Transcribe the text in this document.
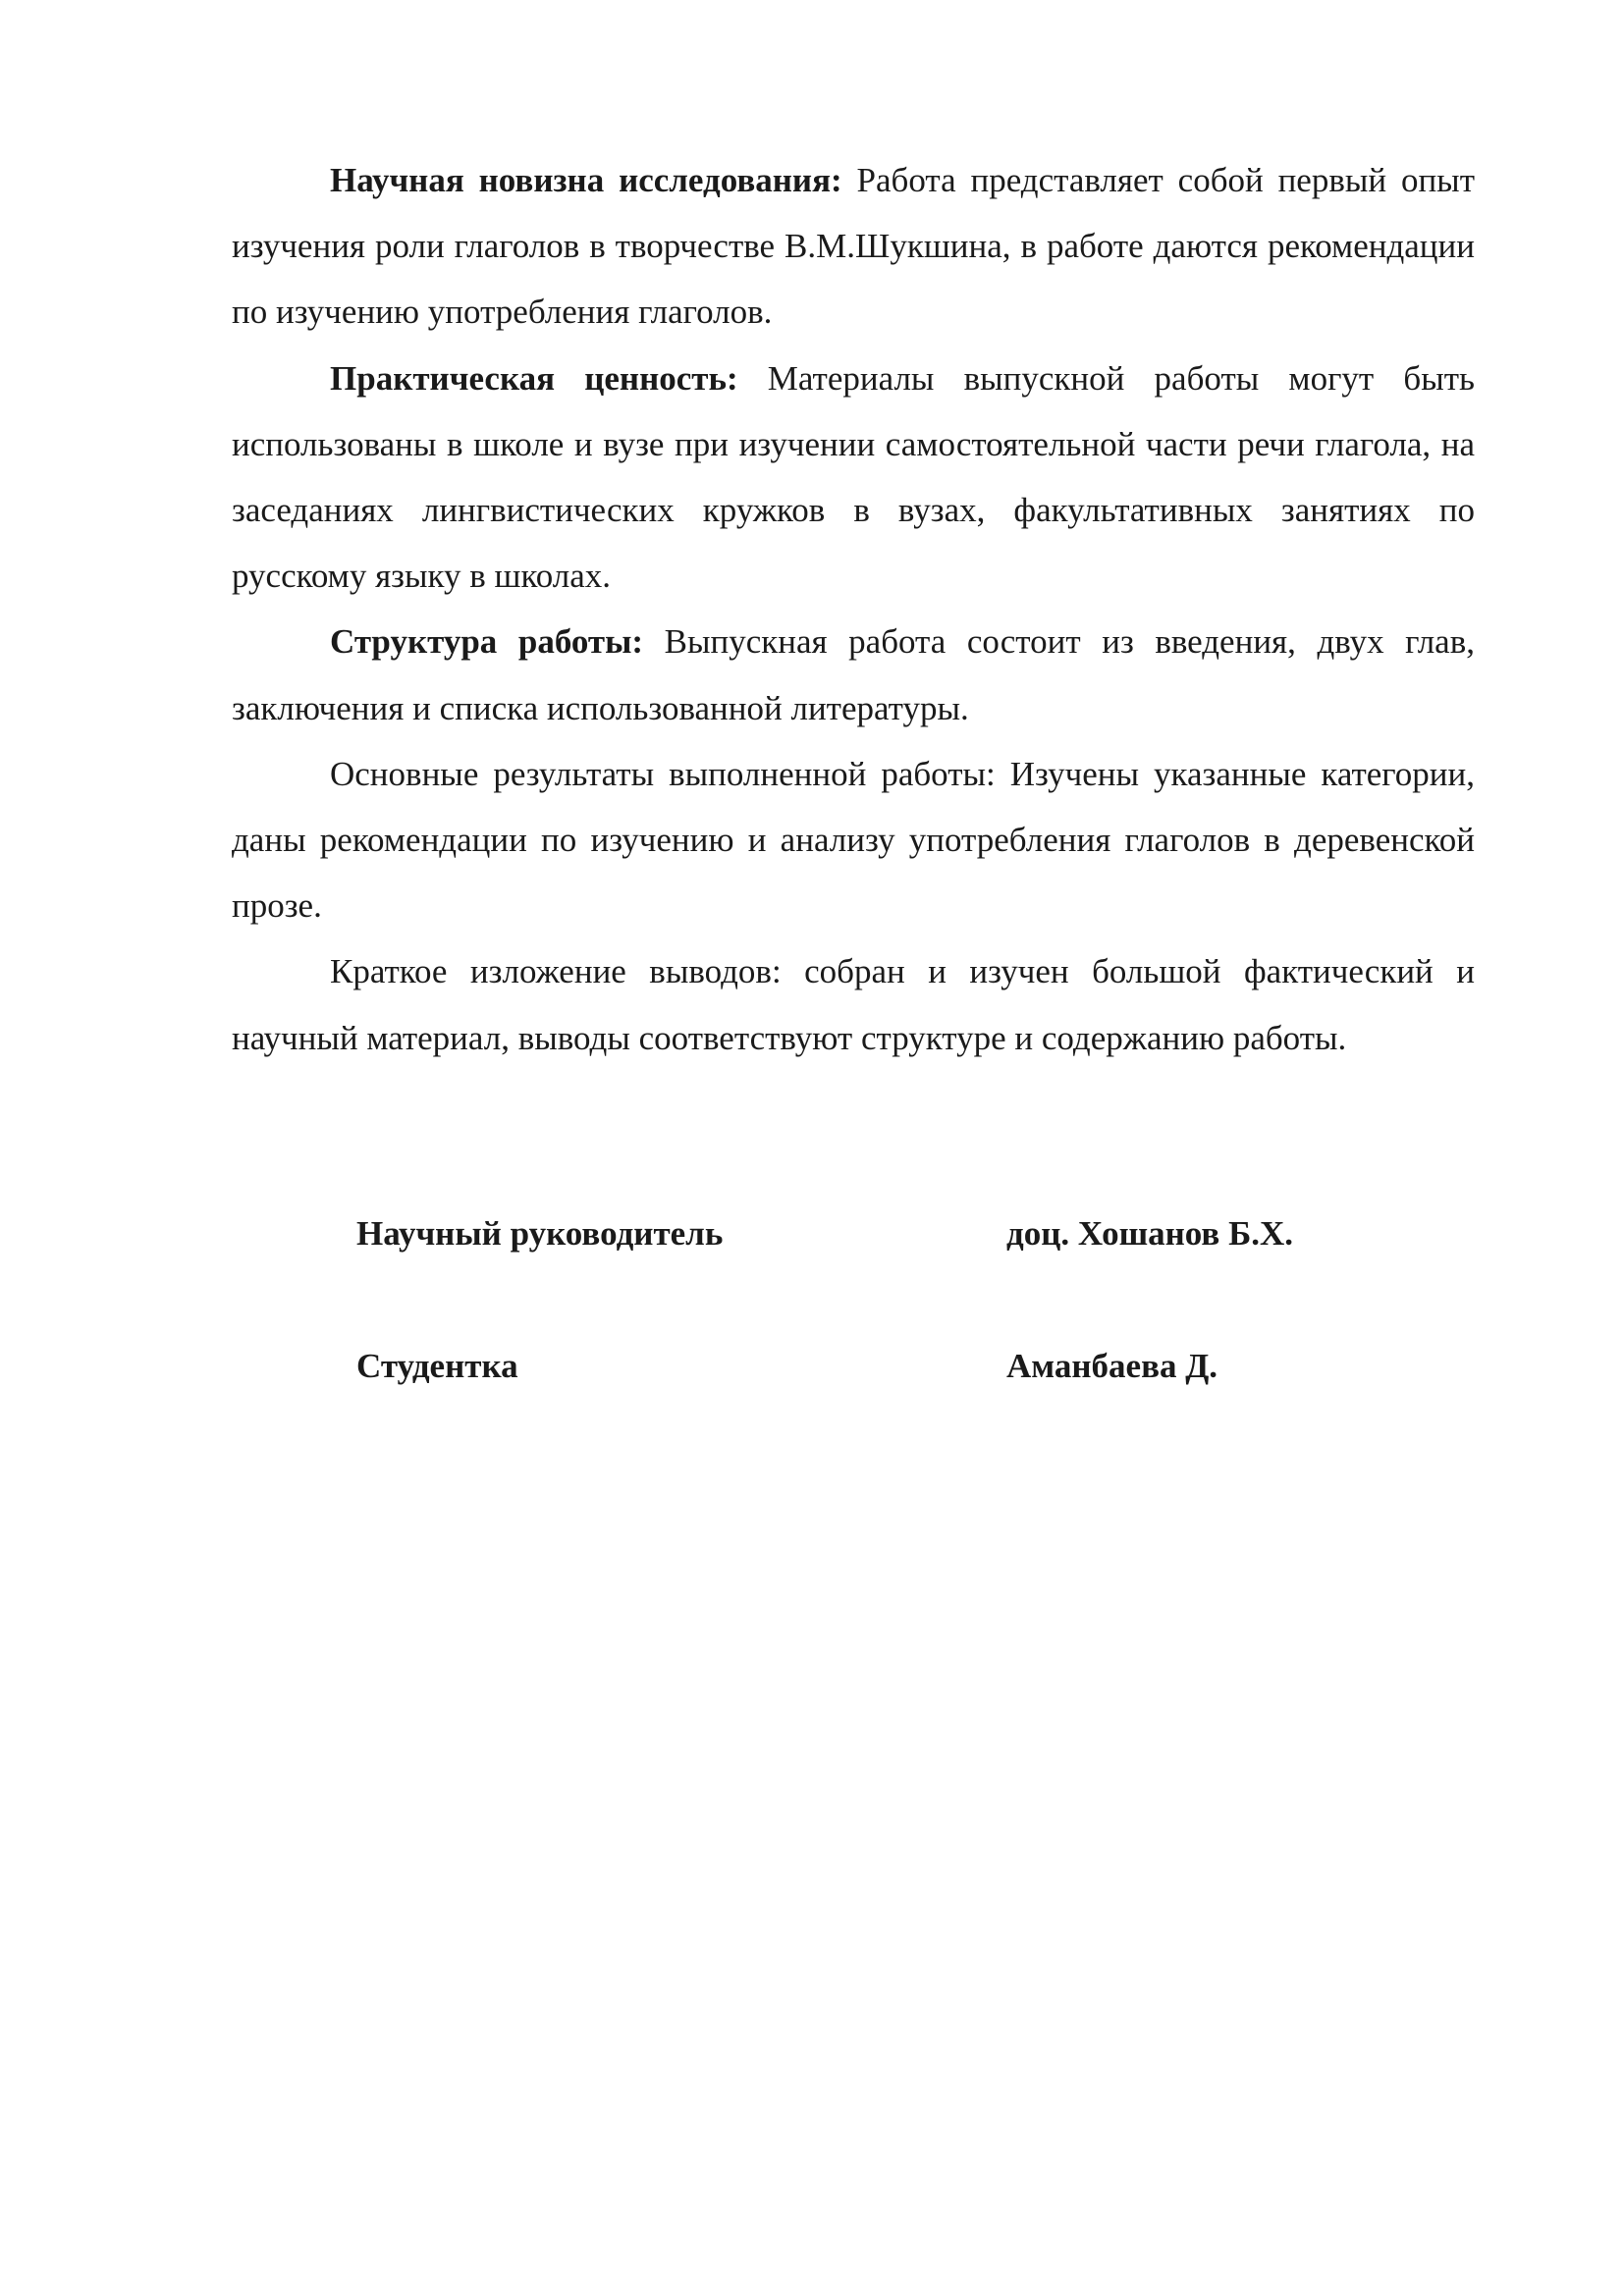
Научная новизна исследования: Работа представляет собой первый опыт изучения роли глаголов в творчестве В.М.Шукшина, в работе даются рекомендации по изучению употребления глаголов.

Практическая ценность: Материалы выпускной работы могут быть использованы в школе и вузе при изучении самостоятельной части речи глагола, на заседаниях лингвистических кружков в вузах, факультативных занятиях по русскому языку в школах.

Структура работы: Выпускная работа состоит из введения, двух глав, заключения и списка использованной литературы.

Основные результаты выполненной работы: Изучены указанные категории, даны рекомендации по изучению и анализу употребления глаголов в деревенской прозе.

Краткое изложение выводов: собран и изучен большой фактический и научный материал, выводы соответствуют структуре и содержанию работы.

Научный руководитель	доц. Хошанов Б.Х.
Студентка	Аманбаева Д.
